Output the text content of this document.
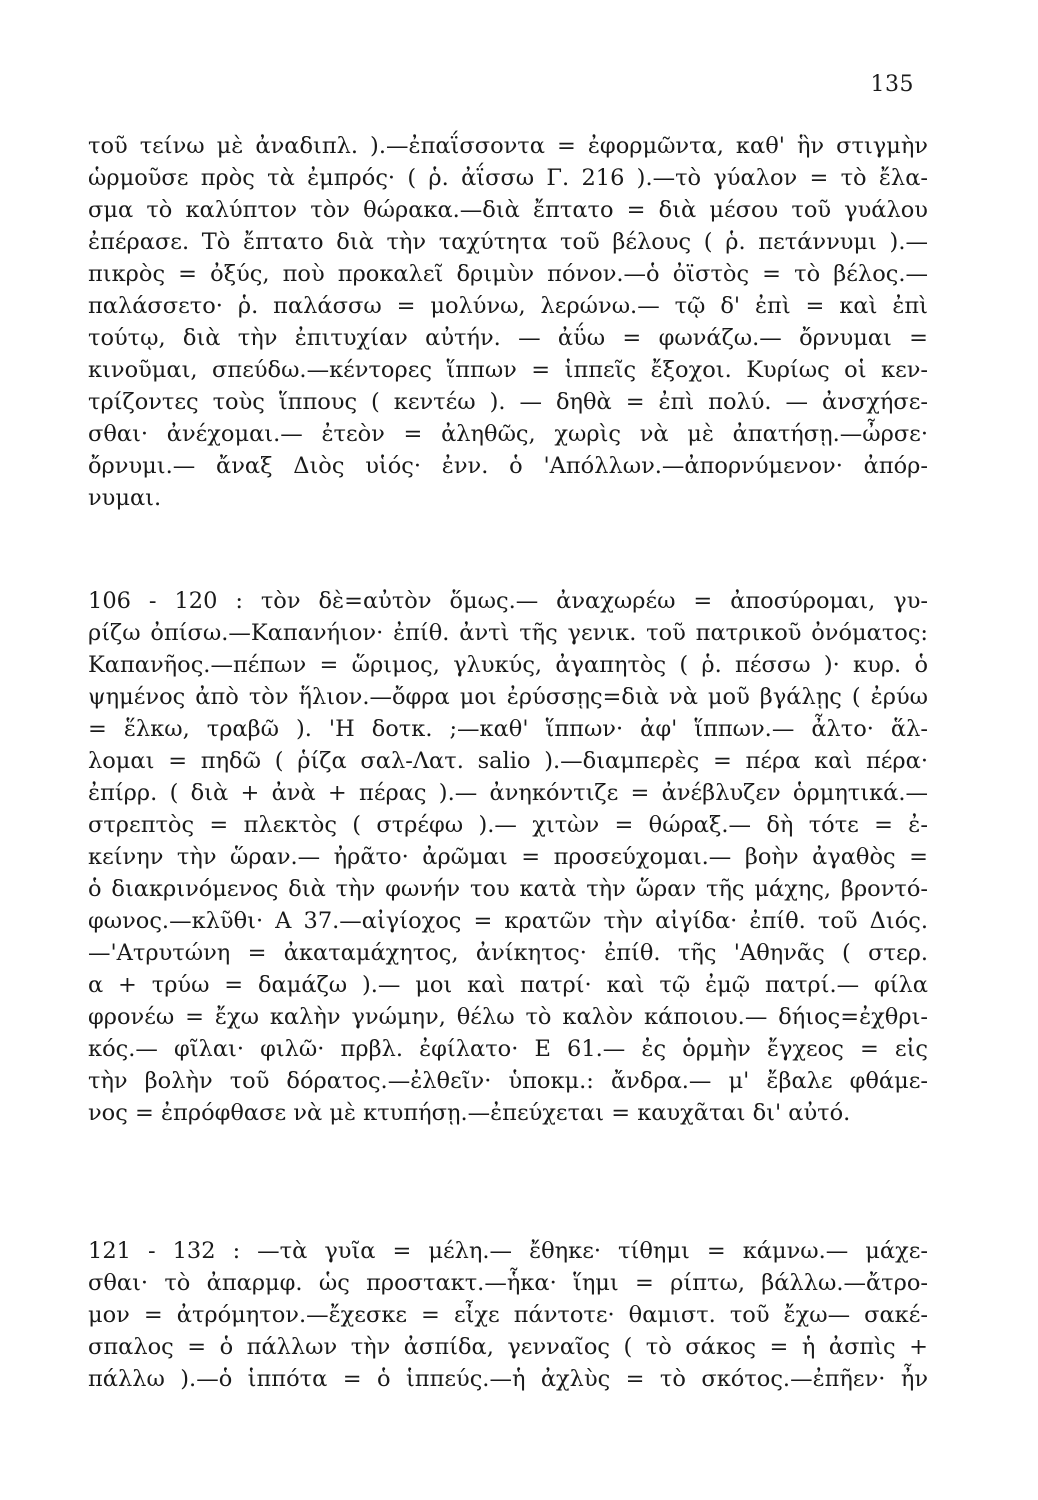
135
τοῦ τείνω μὲ ἀναδιπλ. ).—ἐπαΐσσοντα = ἐφορμῶντα, καθ' ἣν στιγμὴν
ὡρμοῦσε πρὸς τὰ ἐμπρός· ( ῥ. ἀΐσσω Γ. 216 ).—τὸ γύαλον = τὸ ἔλα-
σμα τὸ καλύπτον τὸν θώρακα.—διὰ ἔπτατο = διὰ μέσου τοῦ γυάλου
ἐπέρασε. Τὸ ἔπτατο διὰ τὴν ταχύτητα τοῦ βέλους ( ῥ. πετάννυμι ).—
πικρὸς = ὀξύς, ποὺ προκαλεῖ δριμὺν πόνον.—ὁ ὀϊστὸς = τὸ βέλος.—
παλάσσετο· ῥ. παλάσσω = μολύνω, λερώνω.— τῷ δ' ἐπὶ = καὶ ἐπὶ
τούτῳ, διὰ τὴν ἐπιτυχίαν αὐτήν. — ἀΰω = φωνάζω.— ὄρνυμαι =
κινοῦμαι, σπεύδω.—κέντορες ἵππων = ἱππεῖς ἔξοχοι. Κυρίως οἱ κεν-
τρίζοντες τοὺς ἵππους ( κεντέω ). — δηθὰ = ἐπὶ πολύ. — ἀνσχήσε-
σθαι· ἀνέχομαι.— ἐτεὸν = ἀληθῶς, χωρὶς νὰ μὲ ἀπατήσῃ.—ὦρσε·
ὄρνυμι.— ἄναξ Διὸς υἱός· ἐνν. ὁ 'Απόλλων.—ἀπορνύμενον· ἀπόρ-
νυμαι.
106 - 120 : τὸν δὲ=αὐτὸν ὅμως.— ἀναχωρέω = ἀποσύρομαι, γυ-
ρίζω ὀπίσω.—Καπανήιον· ἐπίθ. ἀντὶ τῆς γενικ. τοῦ πατρικοῦ ὀνόματος:
Καπανῆος.—πέπων = ὥριμος, γλυκύς, ἀγαπητὸς ( ῥ. πέσσω )· κυρ. ὁ
ψημένος ἀπὸ τὸν ἥλιον.—ὄφρα μοι ἐρύσσῃς=διὰ νὰ μοῦ βγάλῃς ( ἐρύω
= ἕλκω, τραβῶ ). 'Η δοτκ. ;—καθ' ἵππων· ἀφ' ἵππων.— ἆλτο· ἅλ-
λομαι = πηδῶ ( ῥίζα σαλ-Λατ. salio ).—διαμπερὲς = πέρα καὶ πέρα·
ἐπίρρ. ( διὰ + ἀνὰ + πέρας ).— ἀνηκόντιζε = ἀνέβλυζεν ὁρμητικά.—
στρεπτὸς = πλεκτὸς ( στρέφω ).— χιτὼν = θώραξ.— δὴ τότε = ἐ-
κείνην τὴν ὥραν.— ἠρᾶτο· ἀρῶμαι = προσεύχομαι.— βοὴν ἀγαθὸς =
ὁ διακρινόμενος διὰ τὴν φωνήν του κατὰ τὴν ὥραν τῆς μάχης, βροντό-
φωνος.—κλῦθι· Α 37.—αἰγίοχος = κρατῶν τὴν αἰγίδα· ἐπίθ. τοῦ Διός.
—'Ατρυτώνη = ἀκαταμάχητος, ἀνίκητος· ἐπίθ. τῆς 'Αθηνᾶς ( στερ.
α + τρύω = δαμάζω ).— μοι καὶ πατρί· καὶ τῷ ἐμῷ πατρί.— φίλα
φρονέω = ἔχω καλὴν γνώμην, θέλω τὸ καλὸν κάποιου.— δήιος=ἐχθρι-
κός.— φῖλαι· φιλῶ· πρβλ. ἐφίλατο· Ε 61.— ἐς ὁρμὴν ἔγχεος = εἰς
τὴν βολὴν τοῦ δόρατος.—ἐλθεῖν· ὑποκμ.: ἄνδρα.— μ' ἔβαλε φθάμε-
νος = ἐπρόφθασε νὰ μὲ κτυπήσῃ.—ἐπεύχεται = καυχᾶται δι' αὐτό.
121 - 132 : —τὰ γυῖα = μέλη.— ἔθηκε· τίθημι = κάμνω.— μάχε-
σθαι· τὸ ἀπαρμφ. ὡς προστακτ.—ἧκα· ἵημι = ρίπτω, βάλλω.—ἄτρο-
μον = ἀτρόμητον.—ἔχεσκε = εἶχε πάντοτε· θαμιστ. τοῦ ἔχω— σακέ-
σπαλος = ὁ πάλλων τὴν ἀσπίδα, γενναῖος ( τὸ σάκος = ἡ ἀσπὶς +
πάλλω ).—ὁ ἱππότα = ὁ ἱππεύς.—ἡ ἀχλὺς = τὸ σκότος.—ἐπῆεν· ἦν
